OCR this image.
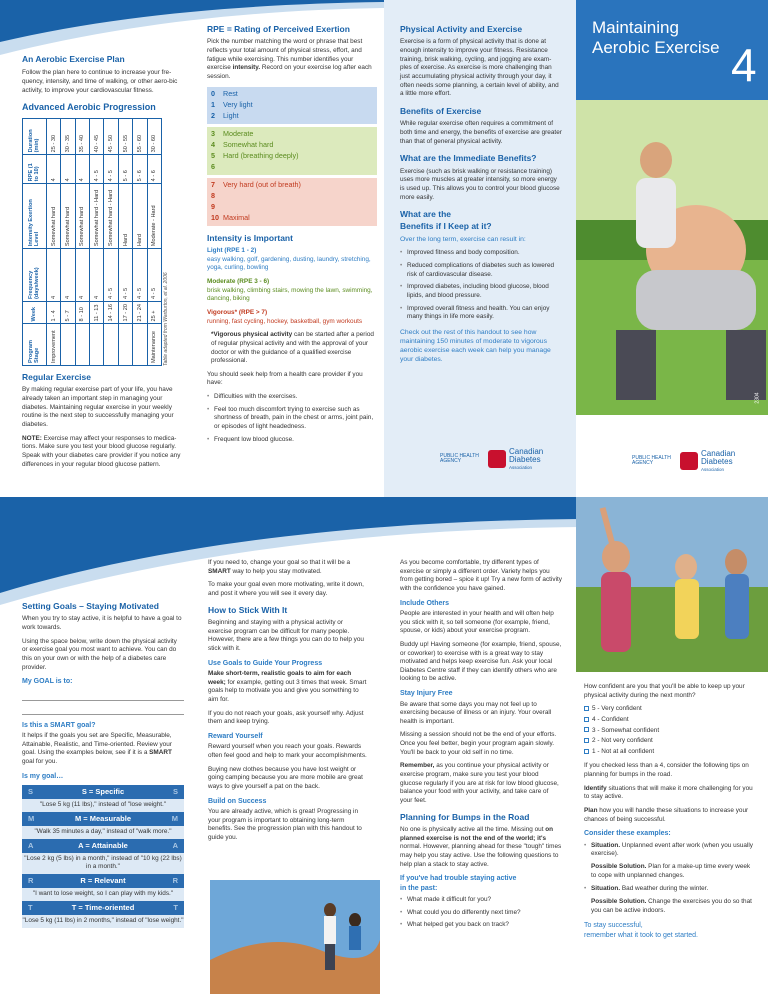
An Aerobic Exercise Plan

Follow the plan here to continue to increase your fre-quency, intensity, and time of walking, or other aero-bic activity, to improve your cardiovascular fitness.

Advanced Aerobic Progression
Program Stage	Week	Frequency (days/week)	Intensity Exertion Level	RPE (1 to 10)	Duration (min)
Improvement	1 - 4	4	Somewhat hard	4	25 - 30
	5 - 7	4	Somewhat hard	4	30 - 35
	8 - 10	4	Somewhat hard	4	35 - 40
	11 - 13	4	Somewhat hard - Hard	4 - 5	40 - 45
	14 - 16	4 - 5	Somewhat hard - Hard	4 - 5	45 - 50
	17 - 20	4 - 5	Hard	5 - 6	50 - 55
	21 - 24	4 - 5	Hard	5 - 6	55 - 60
Maintenance	25 +	4 - 5	Moderate - Hard	4 - 6	30 - 60
Table adapted from Warburton, et al. 2006
Regular Exercise

By making regular exercise part of your life, you have already taken an important step in managing your diabetes. Maintaining regular exercise in your weekly routine is the next step to successfully managing your diabetes.

NOTE: Exercise may affect your responses to medica-tions. Make sure you test your blood glucose regularly. Speak with your diabetes care provider if you notice any differences in your regular blood glucose pattern.

RPE = Rating of Perceived Exertion

Pick the number matching the word or phrase that best reflects your total amount of physical stress, effort, and fatigue while exercising. This number identifies your exercise intensity. Record on your exercise log after each session.

0	Rest
1	Very light
2	Light
3	Moderate
4	Somewhat hard
5	Hard (breathing deeply)
6
7	Very hard (out of breath)
8
9
10 Maximal
Intensity is Important
Light (RPE 1 - 2)

easy walking, golf, gardening, dusting, laundry, stretching, yoga, curling, bowling

Moderate (RPE 3 - 6)

brisk walking, climbing stairs, mowing the lawn, swimming, dancing, biking

Vigorous* (RPE > 7)

running, fast cycling, hockey, basketball, gym workouts

*Vigorous physical activity can be started after a period of regular physical activity and with the approval of your doctor or with the guidance of a qualified exercise professional.

You should seek help from a health care provider if you have:

• Difficulties with the exercises.
• Feel too much discomfort trying to exercise such as shortness of breath, pain in the chest or arms, joint pain, or episodes of light headedness.
• Frequent low blood glucose.
Physical Activity and Exercise

Exercise is a form of physical activity that is done at enough intensity to improve your fitness. Resistance training, brisk walking, cycling, and jogging are exam-ples of exercise. As exercise is more challenging than just accumulating physical activity through your day, it often needs some planning, a certain level of ability, and a little more effort.

Benefits of Exercise

While regular exercise often requires a commitment of both time and energy, the benefits of exercise are greater than that of general physical activity.

What are the Immediate Benefits?

Exercise (such as brisk walking or resistance training) uses more muscles at greater intensity, so more energy is used up. This allows you to control your blood glucose more easily.

What are the
Benefits if I Keep at it?

Over the long term, exercise can result in:

• Improved fitness and body composition.
• Reduced complications of diabetes such as lowered risk of cardiovascular disease.
• Improved diabetes, including blood glucose, blood lipids, and blood pressure.
• Improved overall fitness and health. You can enjoy many things in life more easily.

Check out the rest of this handout to see how maintaining 150 minutes of moderate to vigorous aerobic exercise each week can help you manage your diabetes.

PUBLIC HEALTH AGENCY
Canadian
Diabetes
Association
Maintaining
Aerobic Exercise 4
2304
PUBLIC HEALTH AGENCY
Canadian
Diabetes
Association
Setting Goals – Staying Motivated

When you try to stay active, it is helpful to have a goal to work towards.

Using the space below, write down the physical activity or exercise goal you most want to achieve. You can do this on your own or with the help of a diabetes care provider.

My GOAL is to:
Is this a SMART goal?

It helps if the goals you set are Specific, Measurable, Attainable, Realistic, and Time-oriented. Review your goal. Using the examples below, see if it is a SMART goal for you.

Is my goal…
S	S = Specific	S
"Lose 5 kg (11 lbs)," instead of "lose weight."
M	M = Measurable	M
"Walk 35 minutes a day," instead of "walk more."
A	A = Attainable	A
"Lose 2 kg (5 lbs) in a month," instead of "10 kg (22 lbs) in a month."
R	R = Relevant	R
"I want to lose weight, so I can play with my kids."
T	T = Time-oriented	T
"Lose 5 kg (11 lbs) in 2 months," instead of "lose weight."

If you need to, change your goal so that it will be a SMART way to help you stay motivated.

To make your goal even more motivating, write it down, and post it where you will see it every day.

How to Stick With It

Beginning and staying with a physical activity or exercise program can be difficult for many people. However, there are a few things you can do to help you stick with it.

Use Goals to Guide Your Progress

Make short-term, realistic goals to aim for each week; for example, getting out 3 times that week. Smart goals help to motivate you and give you something to aim for.

If you do not reach your goals, ask yourself why. Adjust them and keep trying.

Reward Yourself

Reward yourself when you reach your goals. Rewards often feel good and help to mark your accomplishments.

Buying new clothes because you have lost weight or going camping because you are more mobile are great ways to give yourself a pat on the back.

Build on Success

You are already active, which is great! Progressing in your program is important to obtaining long-term benefits. See the progression plan with this handout to guide you.

As you become comfortable, try different types of exercise or simply a different order. Variety helps you from getting bored – spice it up! Try a new form of activity with the confidence you have gained.

Include Others

People are interested in your health and will often help you stick with it, so tell someone (for example, friend, spouse, or kids) about your exercise program.

Buddy up! Having someone (for example, friend, spouse, or coworker) to exercise with is a great way to stay motivated and helps keep exercise fun. Ask your local Diabetes Centre staff if they can identify others who are looking to be active.

Stay Injury Free

Be aware that some days you may not feel up to exercising because of illness or an injury. Your overall health is important.

Missing a session should not be the end of your efforts. Once you feel better, begin your program again slowly. You'll be back to your old self in no time.

Remember, as you continue your physical activity or exercise program, make sure you test your blood glucose regularly if you are at risk for low blood glucose, balance your food with your activity, and take care of your feet.

Planning for Bumps in the Road

No one is physically active all the time. Missing out on planned exercise is not the end of the world; it's normal. However, planning ahead for these "tough" times may help you stay active. Use the following questions to help plan a stack to stay active.

If you've had trouble staying active
in the past:
• What made it difficult for you?
• What could you do differently next time?
• What helped get you back on track?

How confident are you that you'll be able to keep up your physical activity during the next month?

5 - Very confident
4 - Confident
3 - Somewhat confident
2 - Not very confident
1 - Not at all confident

If you checked less than a 4, consider the following tips on planning for bumps in the road.

Identify situations that will make it more challenging for you to stay active.

Plan how you will handle these situations to increase your chances of being successful.

Consider these examples:
• Situation. Unplanned event after work (when you usually exercise).

Possible Solution. Plan for a make-up time every week to cope with unplanned changes.

• Situation. Bad weather during the winter.

Possible Solution. Change the exercises you do so that you can be active indoors.

To stay successful,
remember what it took to get started.
